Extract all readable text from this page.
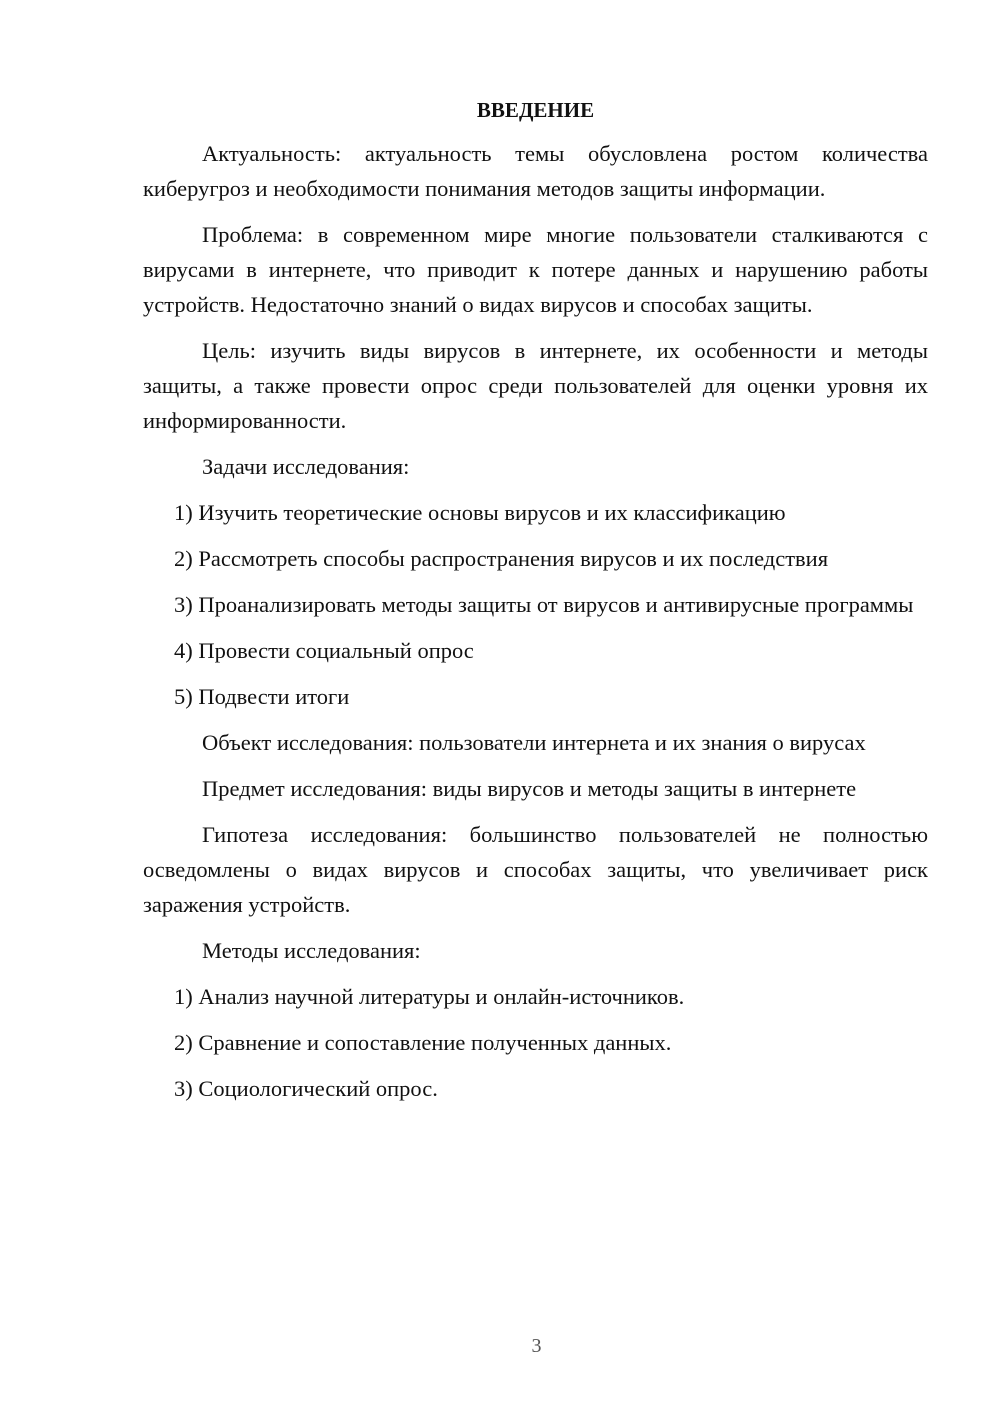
ВВЕДЕНИЕ

Актуальность: актуальность темы обусловлена ростом количества киберугроз и необходимости понимания методов защиты информации.

Проблема: в современном мире многие пользователи сталкиваются с вирусами в интернете, что приводит к потере данных и нарушению работы устройств. Недостаточно знаний о видах вирусов и способах защиты.

Цель: изучить виды вирусов в интернете, их особенности и методы защиты, а также провести опрос среди пользователей для оценки уровня их информированности.

Задачи исследования:

1) Изучить теоретические основы вирусов и их классификацию

2) Рассмотреть способы распространения вирусов и их последствия

3) Проанализировать методы защиты от вирусов и антивирусные программы

4) Провести социальный опрос

5) Подвести итоги

Объект исследования: пользователи интернета и их знания о вирусах

Предмет исследования: виды вирусов и методы защиты в интернете

Гипотеза исследования: большинство пользователей не полностью осведомлены о видах вирусов и способах защиты, что увеличивает риск заражения устройств.

Методы исследования:

1) Анализ научной литературы и онлайн-источников.

2) Сравнение и сопоставление полученных данных.

3) Социологический опрос.

3
